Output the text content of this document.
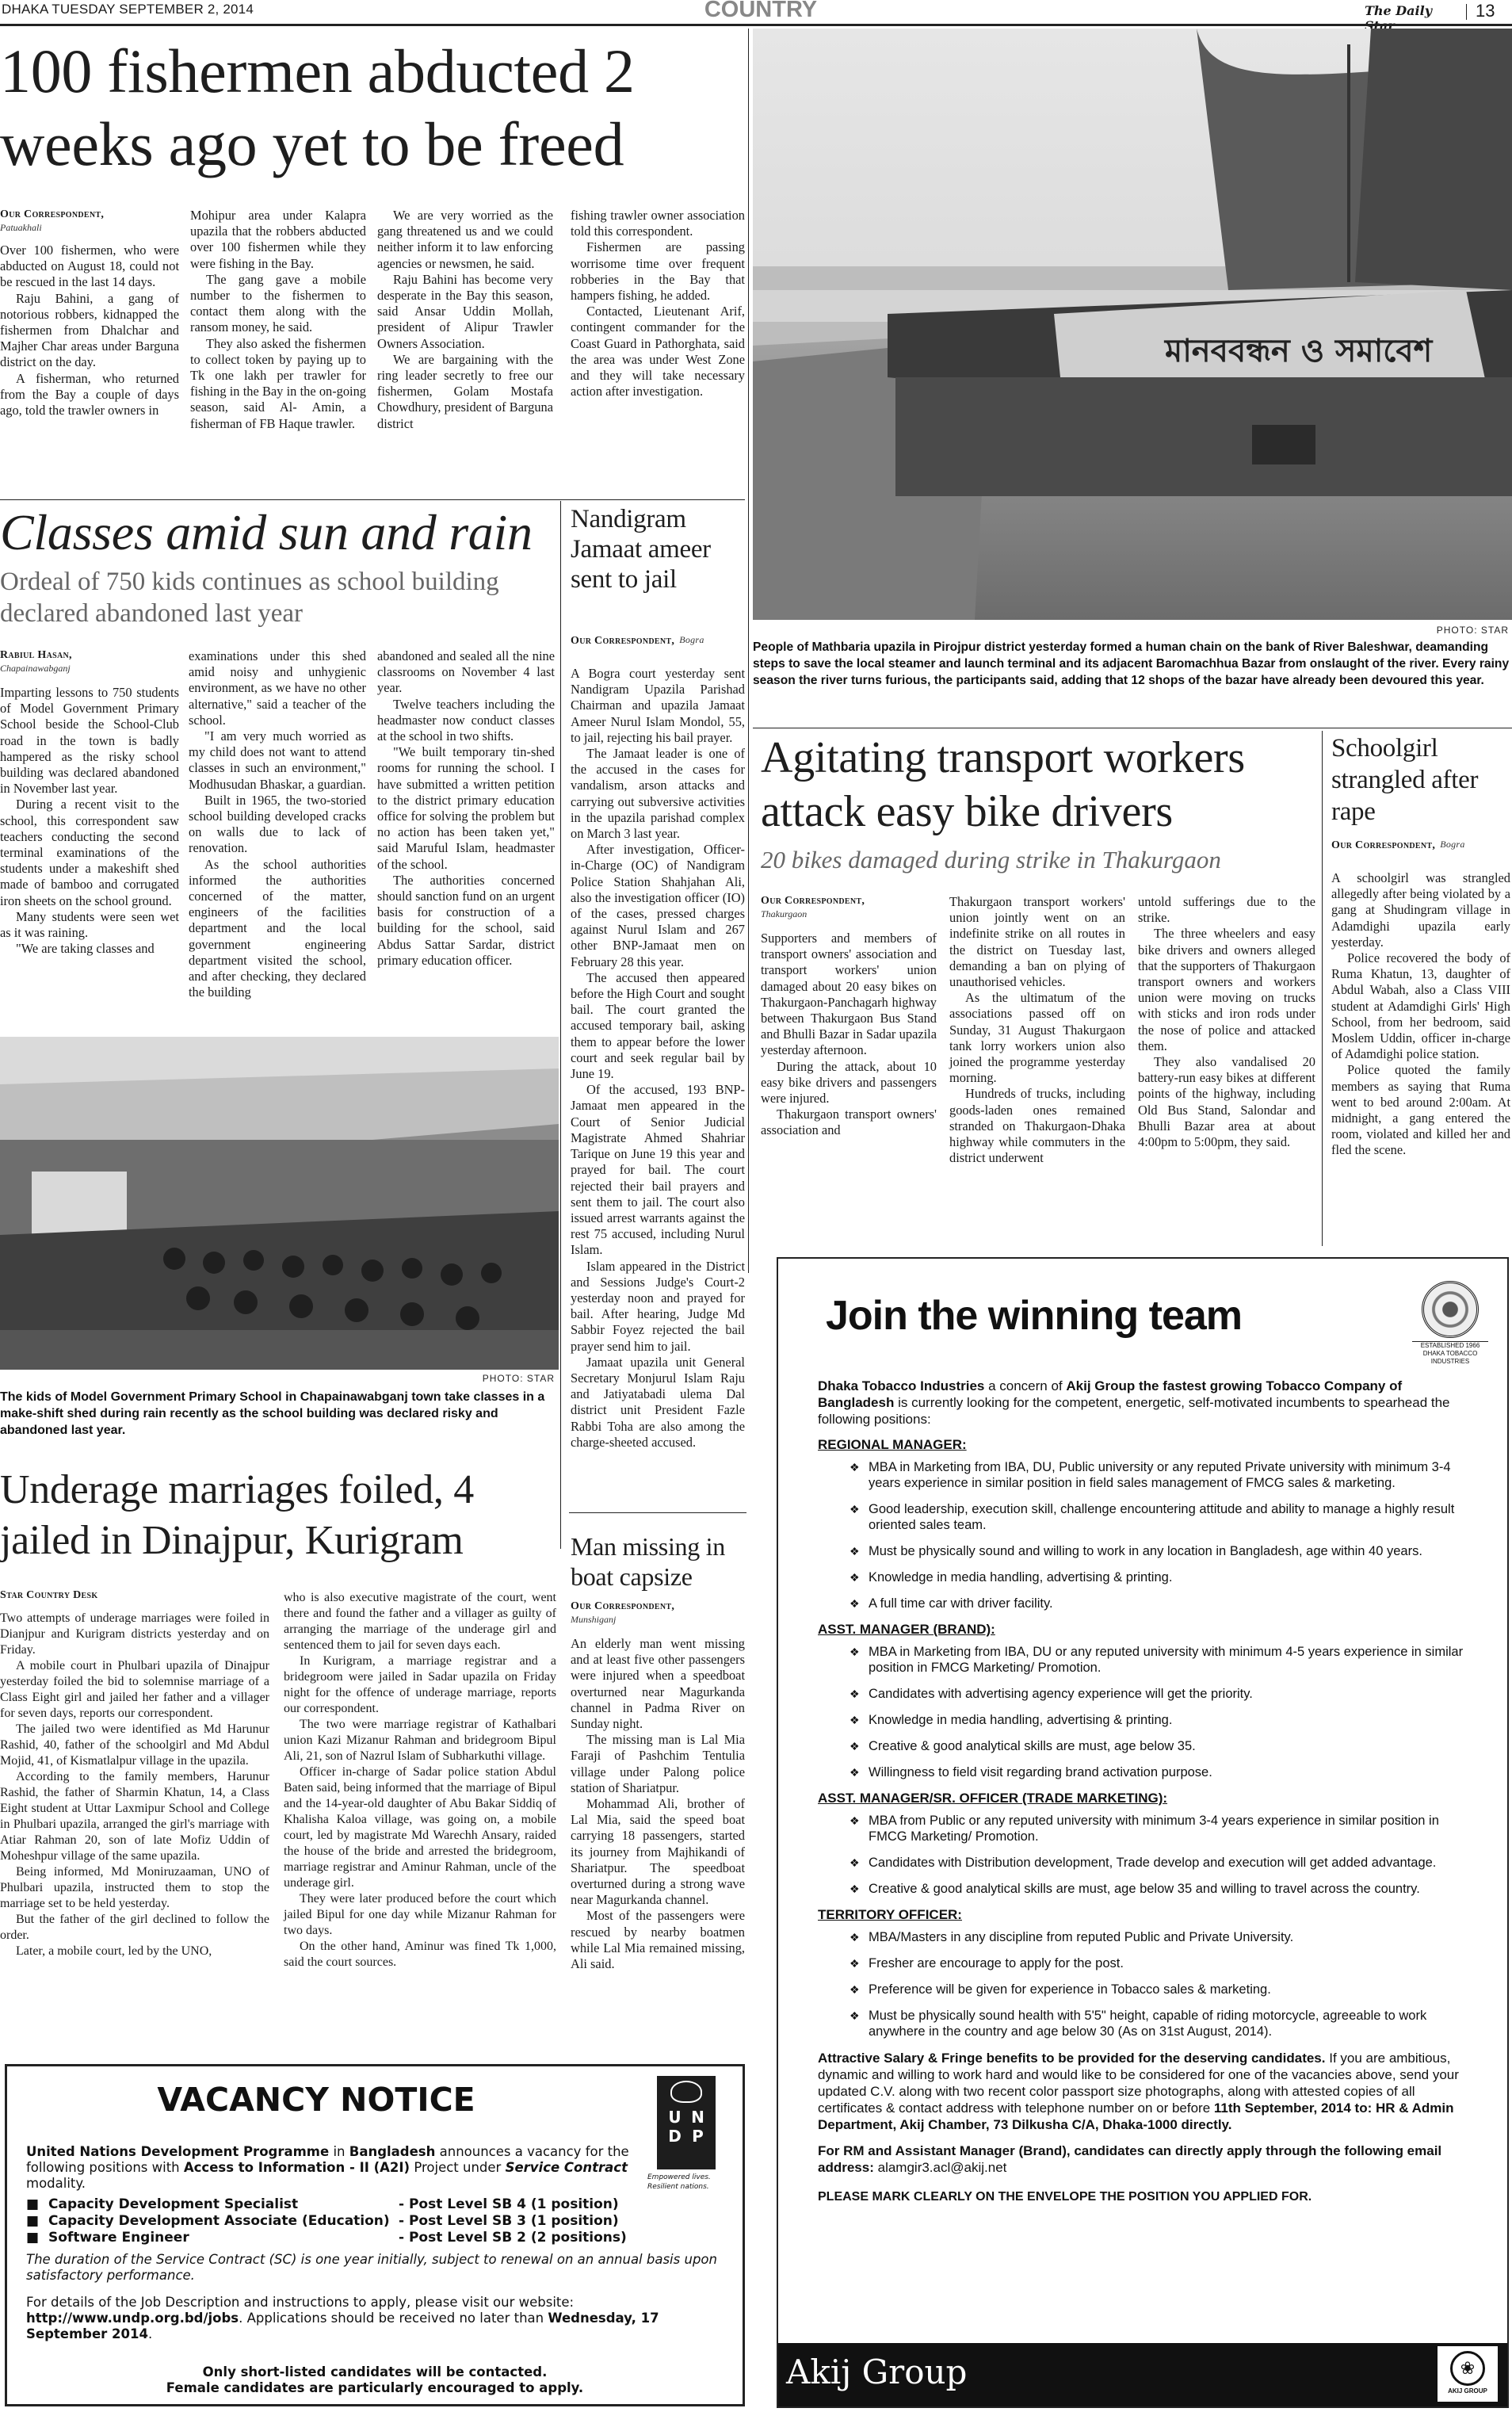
DHAKA TUESDAY SEPTEMBER 2, 2014	COUNTRY	The Daily	13
100 fishermen abducted 2 weeks ago yet to be freed
Our Correspondent,
Patuakhali

Over 100 fishermen, who were abducted on August 18, could not be rescued in the last 14 days.

Raju Bahini, a gang of notorious robbers, kidnapped the fishermen from Dhalchar and Majher Char areas under Barguna district on the day.

A fisherman, who returned from the Bay a couple of days ago, told the trawler owners in

Mohipur area under Kalapra upazila that the robbers abducted over 100 fishermen while they were fishing in the Bay.

The gang gave a mobile number to the fishermen to contact them along with the ransom money, he said.

They also asked the fishermen to collect token by paying up to Tk one lakh per trawler for fishing in the Bay in the on-going season, said Al- Amin, a fisherman of FB Haque trawler.

We are very worried as the gang threatened us and we could neither inform it to law enforcing agencies or newsmen, he said.

Raju Bahini has become very desperate in the Bay this season, said Ansar Uddin Mollah, president of Alipur Trawler Owners Association.

We are bargaining with the ring leader secretly to free our fishermen, Golam Mostafa Chowdhury, president of Barguna district

fishing trawler owner association told this correspondent.

Fishermen are passing worrisome time over frequent robberies in the Bay that hampers fishing, he added.

Contacted, Lieutenant Arif, contingent commander for the Coast Guard in Pathorghata, said the area was under West Zone and they will take necessary action after investigation.

মানববন্ধন ও সমাবেশ
PHOTO: STAR
People of Mathbaria upazila in Pirojpur district yesterday formed a human chain on the bank of River Baleshwar, deamanding steps to save the local steamer and launch terminal and its adjacent Baromachhua Bazar from onslaught of the river. Every rainy season the river turns furious, the participants said, adding that 12 shops of the bazar have already been devoured this year.
Classes amid sun and rain
Ordeal of 750 kids continues as school building declared abandoned last year
Rabiul Hasan,
Chapainawabganj

Imparting lessons to 750 students of Model Government Primary School beside the School-Club road in the town is badly hampered as the risky school building was declared abandoned in November last year.

During a recent visit to the school, this correspondent saw teachers conducting the second terminal examinations of the students under a makeshift shed made of bamboo and corrugated iron sheets on the school ground.

Many students were seen wet as it was raining.

"We are taking classes and

examinations under this shed amid noisy and unhygienic environment, as we have no other alternative," said a teacher of the school.

"I am very much worried as my child does not want to attend classes in such an environment," Modhusudan Bhaskar, a guardian.

Built in 1965, the two-storied school building developed cracks on walls due to lack of renovation.

As the school authorities informed the authorities concerned of the matter, engineers of the facilities department and the local government engineering department visited the school, and after checking, they declared the building

abandoned and sealed all the nine classrooms on November 4 last year.

Twelve teachers including the headmaster now conduct classes at the school in two shifts.

"We built temporary tin-shed rooms for running the school. I have submitted a written petition to the district primary education office for solving the problem but no action has been taken yet," said Maruful Islam, headmaster of the school.

The authorities concerned should sanction fund on an urgent basis for construction of a building for the school, said Abdus Sattar Sardar, district primary education officer.

PHOTO: STAR
The kids of Model Government Primary School in Chapainawabganj town take classes in a make-shift shed during rain recently as the school building was declared risky and abandoned last year.
Nandigram Jamaat ameer sent to jail
Our Correspondent, Bogra

A Bogra court yesterday sent Nandigram Upazila Parishad Chairman and upazila Jamaat Ameer Nurul Islam Mondol, 55, to jail, rejecting his bail prayer.

The Jamaat leader is one of the accused in the cases for vandalism, arson attacks and carrying out subversive activities in the upazila parishad complex on March 3 last year.

After investigation, Officer-in-Charge (OC) of Nandigram Police Station Shahjahan Ali, also the investigation officer (IO) of the cases, pressed charges against Nurul Islam and 267 other BNP-Jamaat men on February 28 this year.

The accused then appeared before the High Court and sought bail. The court granted the accused temporary bail, asking them to appear before the lower court and seek regular bail by June 19.

Of the accused, 193 BNP-Jamaat men appeared in the Court of Senior Judicial Magistrate Ahmed Shahriar Tarique on June 19 this year and prayed for bail. The court rejected their bail prayers and sent them to jail. The court also issued arrest warrants against the rest 75 accused, including Nurul Islam.

Islam appeared in the District and Sessions Judge's Court-2 yesterday noon and prayed for bail. After hearing, Judge Md Sabbir Foyez rejected the bail prayer send him to jail.

Jamaat upazila unit General Secretary Monjurul Islam Raju and Jatiyatabadi ulema Dal district unit President Fazle Rabbi Toha are also among the charge-sheeted accused.

Man missing in boat capsize
Our Correspondent,
Munshiganj

An elderly man went missing and at least five other passengers were injured when a speedboat overturned near Magurkanda channel in Padma River on Sunday night.

The missing man is Lal Mia Faraji of Pashchim Tentulia village under Palong police station of Shariatpur.

Mohammad Ali, brother of Lal Mia, said the speed boat carrying 18 passengers, started its journey from Majhikandi of Shariatpur. The speedboat overturned during a strong wave near Magurkanda channel.

Most of the passengers were rescued by nearby boatmen while Lal Mia remained missing, Ali said.

Agitating transport workers attack easy bike drivers
20 bikes damaged during strike in Thakurgaon
Our Correspondent,
Thakurgaon

Supporters and members of transport owners' association and transport workers' union damaged about 20 easy bikes on Thakurgaon-Panchagarh highway between Thakurgaon Bus Stand and Bhulli Bazar in Sadar upazila yesterday afternoon.

During the attack, about 10 easy bike drivers and passengers were injured.

Thakurgaon transport owners' association and

Thakurgaon transport workers' union jointly went on an indefinite strike on all routes in the district on Tuesday last, demanding a ban on plying of unauthorised vehicles.

As the ultimatum of the associations passed off on Sunday, 31 August Thakurgaon tank lorry workers union also joined the programme yesterday morning.

Hundreds of trucks, including goods-laden ones remained stranded on Thakurgaon-Dhaka highway while commuters in the district underwent

untold sufferings due to the strike.

The three wheelers and easy bike drivers and owners alleged that the supporters of Thakurgaon transport owners and workers union were moving on trucks with sticks and iron rods under the nose of police and attacked them.

They also vandalised 20 battery-run easy bikes at different points of the highway, including Old Bus Stand, Salondar and Bhulli Bazar area at about 4:00pm to 5:00pm, they said.

Schoolgirl strangled after rape
Our Correspondent, Bogra

A schoolgirl was strangled allegedly after being violated by a gang at Shudingram village in Adamdighi upazila early yesterday.

Police recovered the body of Ruma Khatun, 13, daughter of Abdul Wabah, also a Class VIII student at Adamdighi Girls' High School, from her bedroom, said Moslem Uddin, officer in-charge of Adamdighi police station.

Police quoted the family members as saying that Ruma went to bed around 2:00am. At midnight, a gang entered the room, violated and killed her and fled the scene.

Underage marriages foiled, 4 jailed in Dinajpur, Kurigram
Star Country Desk

Two attempts of underage marriages were foiled in Dianjpur and Kurigram districts yesterday and on Friday.

A mobile court in Phulbari upazila of Dinajpur yesterday foiled the bid to solemnise marriage of a Class Eight girl and jailed her father and a villager for seven days, reports our correspondent.

The jailed two were identified as Md Harunur Rashid, 40, father of the schoolgirl and Md Abdul Mojid, 41, of Kismatlalpur village in the upazila.

According to the family members, Harunur Rashid, the father of Sharmin Khatun, 14, a Class Eight student at Uttar Laxmipur School and College in Phulbari upazila, arranged the girl's marriage with Atiar Rahman 20, son of late Mofiz Uddin of Moheshpur village of the same upazila.

Being informed, Md Moniruzaaman, UNO of Phulbari upazila, instructed them to stop the marriage set to be held yesterday.

But the father of the girl declined to follow the order.

Later, a mobile court, led by the UNO,

who is also executive magistrate of the court, went there and found the father and a villager as guilty of arranging the marriage of the underage girl and sentenced them to jail for seven days each.

In Kurigram, a marriage registrar and a bridegroom were jailed in Sadar upazila on Friday night for the offence of underage marriage, reports our correspondent.

The two were marriage registrar of Kathalbari union Kazi Mizanur Rahman and bridegroom Bipul Ali, 21, son of Nazrul Islam of Subharkuthi village.

Officer in-charge of Sadar police station Abdul Baten said, being informed that the marriage of Bipul and the 14-year-old daughter of Abu Bakar Siddiq of Khalisha Kaloa village, was going on, a mobile court, led by magistrate Md Warechh Ansary, raided the house of the bride and arrested the bridegroom, marriage registrar and Aminur Rahman, uncle of the underage girl.

They were later produced before the court which jailed Bipul for one day while Mizanur Rahman for two days.

On the other hand, Aminur was fined Tk 1,000, said the court sources.

VACANCY NOTICE	U N
D P
Empowered lives.
Resilient nations.
United Nations Development Programme in Bangladesh announces a vacancy for the following positions with Access to Information - II (A2I) Project under Service Contract modality.
■ Capacity Development Specialist	- Post Level SB 4 (1 position)
■ Capacity Development Associate (Education) - Post Level SB 3 (1 position)
■ Software Engineer	- Post Level SB 2 (2 positions)
The duration of the Service Contract (SC) is one year initially, subject to renewal on an annual basis upon satisfactory performance.
For details of the Job Description and instructions to apply, please visit our website: http://www.undp.org.bd/jobs. Applications should be received no later than Wednesday, 17 September 2014.
Only short-listed candidates will be contacted.
Female candidates are particularly encouraged to apply.
Join the winning team
ESTABLISHED 1966
DHAKA TOBACCO
INDUSTRIES
Dhaka Tobacco Industries a concern of Akij Group the fastest growing Tobacco Company of Bangladesh is currently looking for the competent, energetic, self-motivated incumbents to spearhead the following positions:
REGIONAL MANAGER:
❖ MBA in Marketing from IBA, DU, Public university or any reputed Private university with minimum 3-4 years experience in similar position in field sales management of FMCG sales & marketing.
❖ Good leadership, execution skill, challenge encountering attitude and ability to manage a highly result oriented sales team.
❖ Must be physically sound and willing to work in any location in Bangladesh, age within 40 years.
❖ Knowledge in media handling, advertising & printing.
❖ A full time car with driver facility.
ASST. MANAGER (BRAND):
❖ MBA in Marketing from IBA, DU or any reputed university with minimum 4-5 years experience in similar position in FMCG Marketing/ Promotion.
❖ Candidates with advertising agency experience will get the priority.
❖ Knowledge in media handling, advertising & printing.
❖ Creative & good analytical skills are must, age below 35.
❖ Willingness to field visit regarding brand activation purpose.
ASST. MANAGER/SR. OFFICER (TRADE MARKETING):
❖ MBA from Public or any reputed university with minimum 3-4 years experience in similar position in FMCG Marketing/ Promotion.
❖ Candidates with Distribution development, Trade develop and execution will get added advantage.
❖ Creative & good analytical skills are must, age below 35 and willing to travel across the country.
TERRITORY OFFICER:
❖ MBA/Masters in any discipline from reputed Public and Private University.
❖ Fresher are encourage to apply for the post.
❖ Preference will be given for experience in Tobacco sales & marketing.
❖ Must be physically sound health with 5'5" height, capable of riding motorcycle, agreeable to work anywhere in the country and age below 30 (As on 31st August, 2014).
Attractive Salary & Fringe benefits to be provided for the deserving candidates. If you are ambitious, dynamic and willing to work hard and would like to be considered for one of the vacancies above, send your updated C.V. along with two recent color passport size photographs, along with attested copies of all certificates & contact address with telephone number on or before 11th September, 2014 to: HR & Admin Department, Akij Chamber, 73 Dilkusha C/A, Dhaka-1000 directly.
For RM and Assistant Manager (Brand), candidates can directly apply through the following email address: alamgir3.acl@akij.net
PLEASE MARK CLEARLY ON THE ENVELOPE THE POSITION YOU APPLIED FOR.
Akij Group	❀
AKIJ GROUP
